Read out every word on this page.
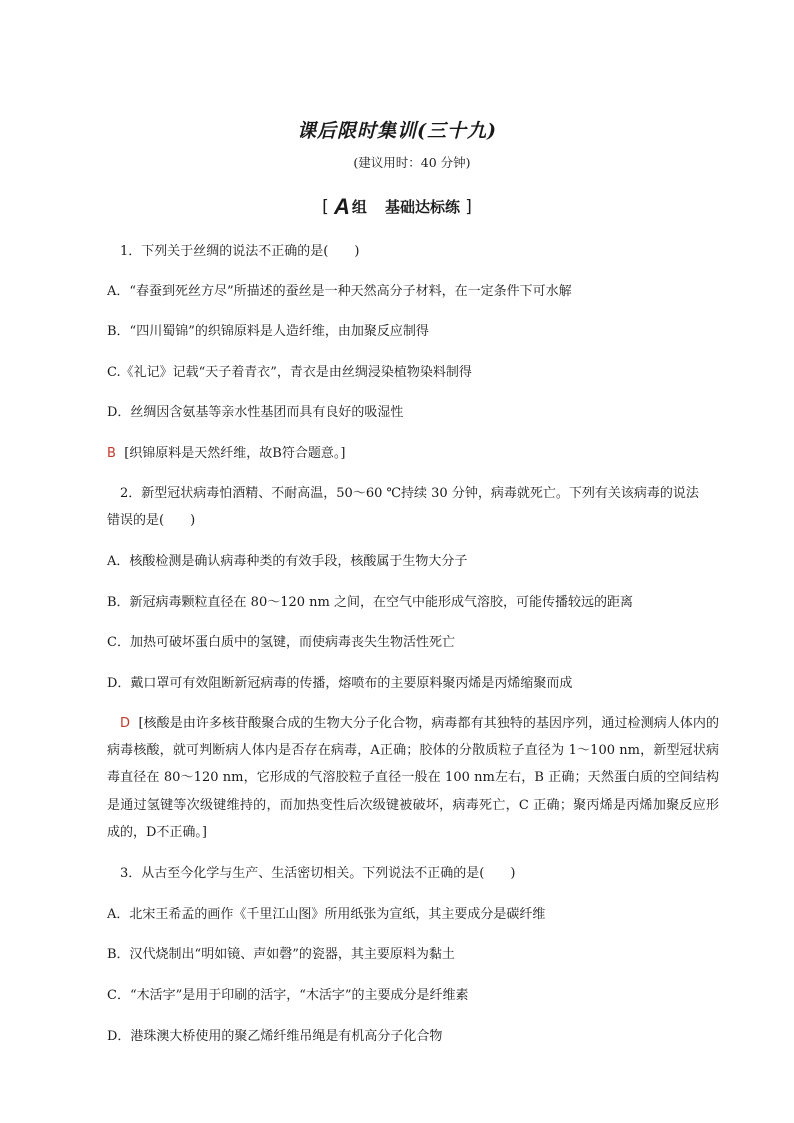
课后限时集训(三十九)
(建议用时：40 分钟)
[ A 组 基础达标练 ]
1．下列关于丝绸的说法不正确的是(　　)
A．“春蚕到死丝方尽”所描述的蚕丝是一种天然高分子材料，在一定条件下可水解
B．“四川蜀锦”的织锦原料是人造纤维，由加聚反应制得
C.《礼记》记载“天子着青衣”，青衣是由丝绸浸染植物染料制得
D．丝绸因含氨基等亲水性基团而具有良好的吸湿性
B [织锦原料是天然纤维，故B符合题意。]
2．新型冠状病毒怕酒精、不耐高温，50～60 ℃持续 30 分钟，病毒就死亡。下列有关该病毒的说法
错误的是(　　)
A．核酸检测是确认病毒种类的有效手段，核酸属于生物大分子
B．新冠病毒颗粒直径在 80～120 nm 之间，在空气中能形成气溶胶，可能传播较远的距离
C．加热可破坏蛋白质中的氢键，而使病毒丧失生物活性死亡
D．戴口罩可有效阻断新冠病毒的传播，熔喷布的主要原料聚丙烯是丙烯缩聚而成
D [核酸是由许多核苷酸聚合成的生物大分子化合物，病毒都有其独特的基因序列，通过检测病人体内的病毒核酸，就可判断病人体内是否存在病毒，A正确；胶体的分散质粒子直径为 1～100 nm，新型冠状病毒直径在 80～120 nm，它形成的气溶胶粒子直径一般在 100 nm左右，B 正确；天然蛋白质的空间结构是通过氢键等次级键维持的，而加热变性后次级键被破坏，病毒死亡，C 正确；聚丙烯是丙烯加聚反应形成的，D不正确。]
3．从古至今化学与生产、生活密切相关。下列说法不正确的是(　　)
A．北宋王希孟的画作《千里江山图》所用纸张为宣纸，其主要成分是碳纤维
B．汉代烧制出“明如镜、声如磬”的瓷器，其主要原料为黏土
C．“木活字”是用于印刷的活字，“木活字”的主要成分是纤维素
D．港珠澳大桥使用的聚乙烯纤维吊绳是有机高分子化合物
